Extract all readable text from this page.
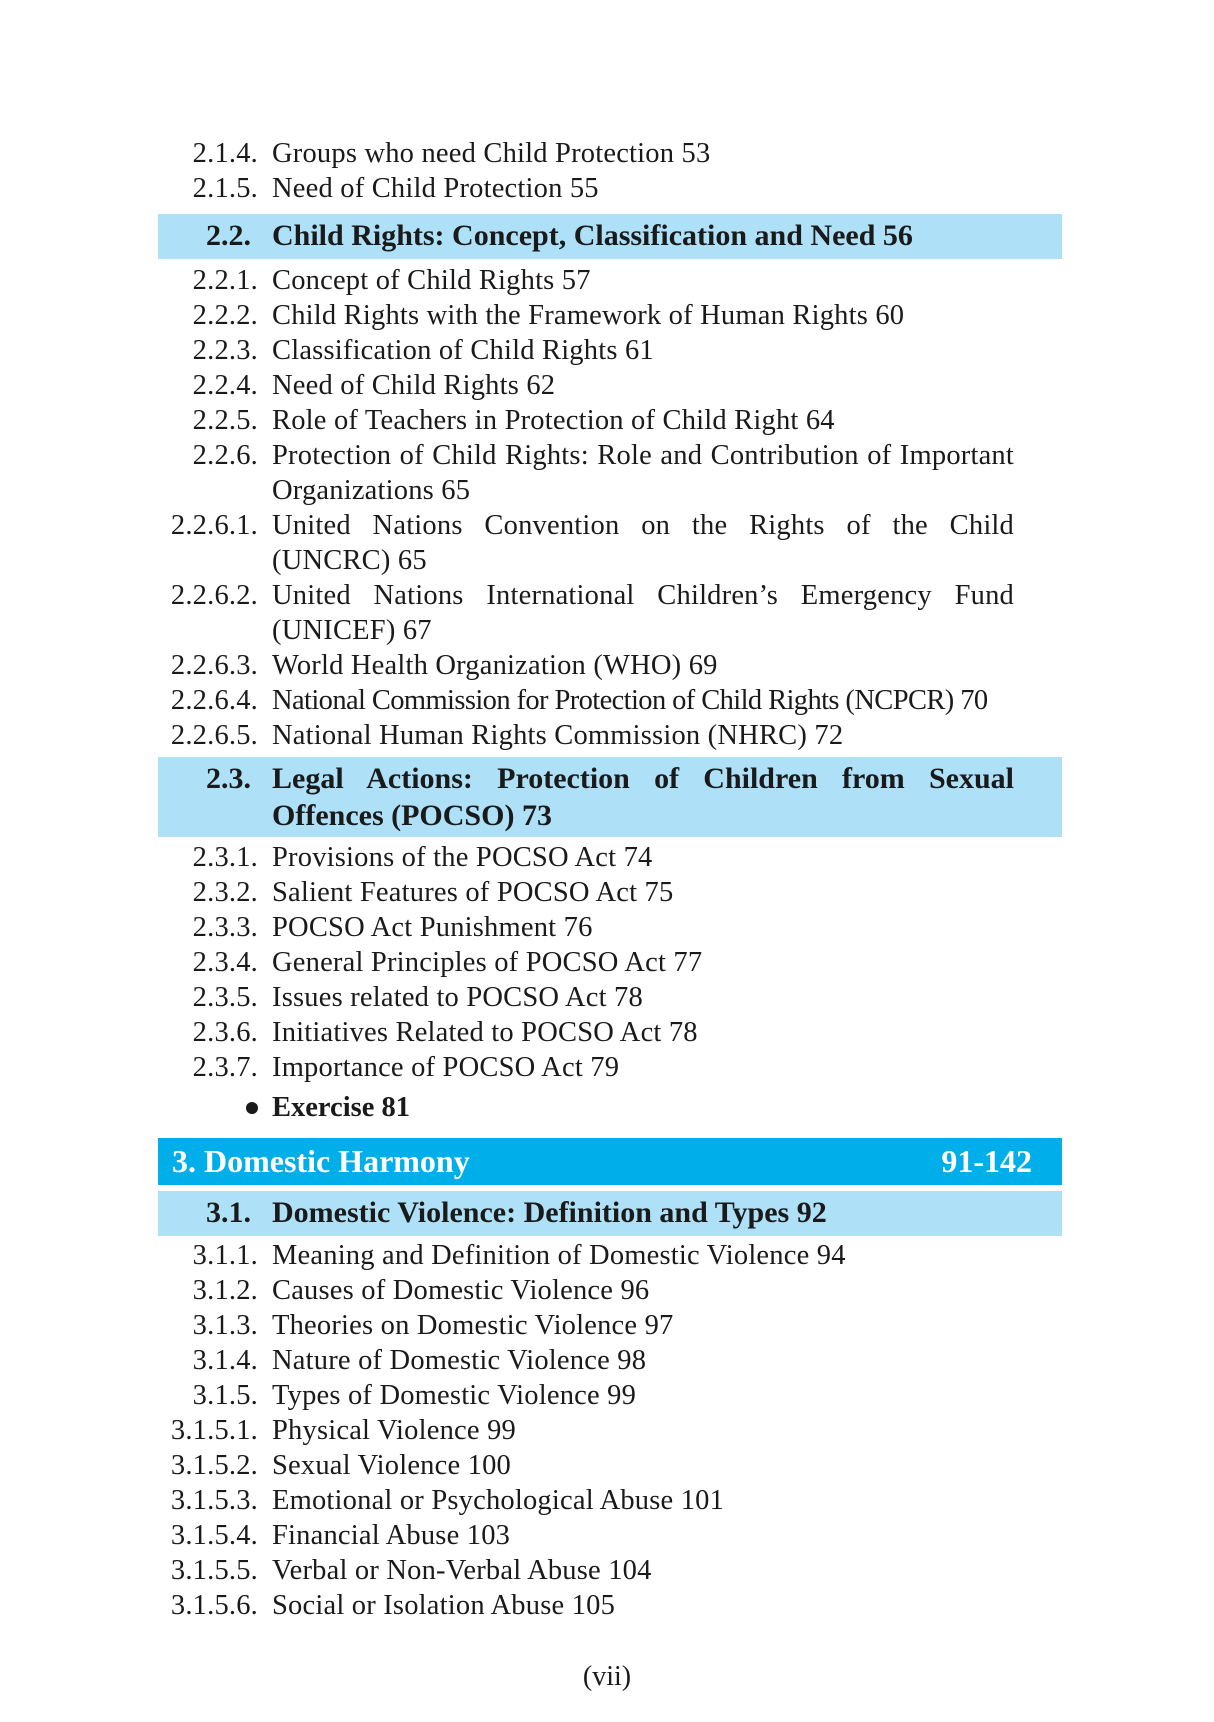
2.1.4. Groups who need Child Protection 53
2.1.5. Need of Child Protection 55
2.2. Child Rights: Concept, Classification and Need 56
2.2.1. Concept of Child Rights 57
2.2.2. Child Rights with the Framework of Human Rights 60
2.2.3. Classification of Child Rights 61
2.2.4. Need of Child Rights 62
2.2.5. Role of Teachers in Protection of Child Right 64
2.2.6. Protection of Child Rights: Role and Contribution of Important
Organizations 65
2.2.6.1. United Nations Convention on the Rights of the Child
(UNCRC) 65
2.2.6.2. United Nations International Children’s Emergency Fund
(UNICEF) 67
2.2.6.3. World Health Organization (WHO) 69
2.2.6.4. National Commission for Protection of Child Rights (NCPCR) 70
2.2.6.5. National Human Rights Commission (NHRC) 72
2.3. Legal Actions: Protection of Children from Sexual
Offences (POCSO) 73
2.3.1. Provisions of the POCSO Act 74
2.3.2. Salient Features of POCSO Act 75
2.3.3. POCSO Act Punishment 76
2.3.4. General Principles of POCSO Act 77
2.3.5. Issues related to POCSO Act 78
2.3.6. Initiatives Related to POCSO Act 78
2.3.7. Importance of POCSO Act 79
Exercise 81
3. Domestic Harmony	91-142
3.1. Domestic Violence: Definition and Types 92
3.1.1. Meaning and Definition of Domestic Violence 94
3.1.2. Causes of Domestic Violence 96
3.1.3. Theories on Domestic Violence 97
3.1.4. Nature of Domestic Violence 98
3.1.5. Types of Domestic Violence 99
3.1.5.1. Physical Violence 99
3.1.5.2. Sexual Violence 100
3.1.5.3. Emotional or Psychological Abuse 101
3.1.5.4. Financial Abuse 103
3.1.5.5. Verbal or Non-Verbal Abuse 104
3.1.5.6. Social or Isolation Abuse 105
(vii)
